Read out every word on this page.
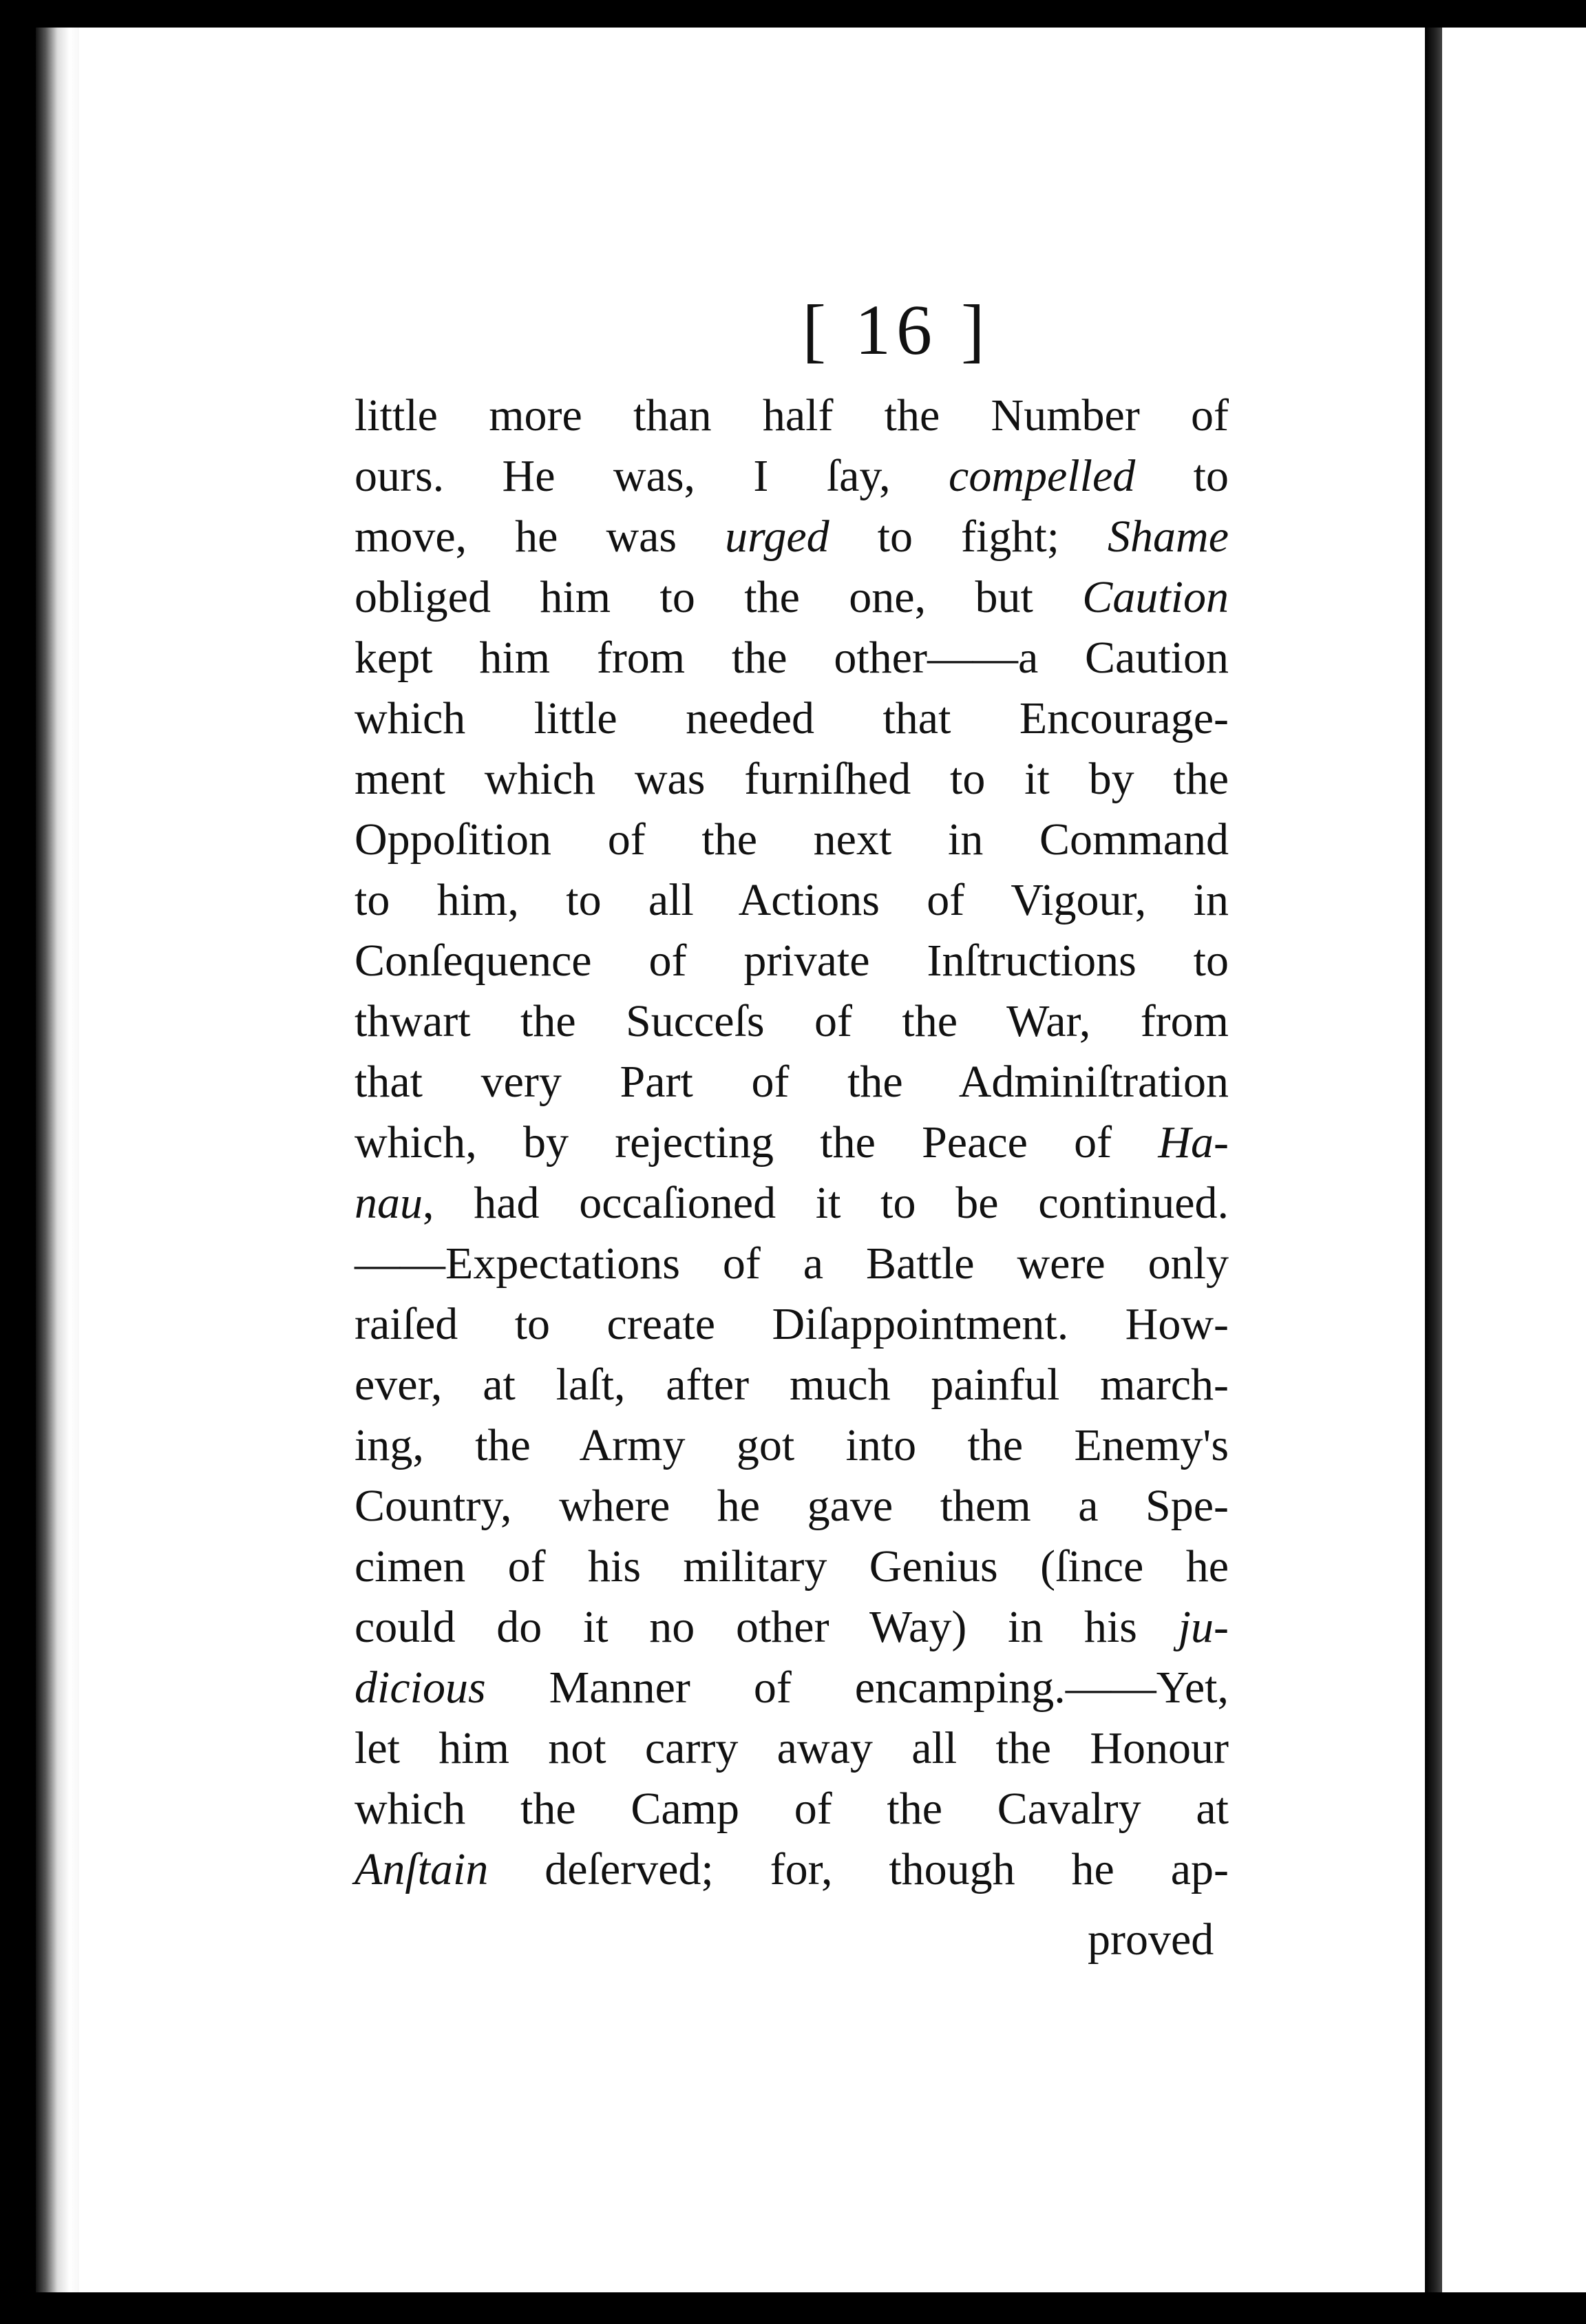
[ 16 ]
little more than half the Number of
ours. He was, I ſay, compelled to
move, he was urged to fight; Shame
obliged him to the one, but Caution
kept him from the other——a Caution
which little needed that Encourage-
ment which was furniſhed to it by the
Oppoſition of the next in Command
to him, to all Actions of Vigour, in
Conſequence of private Inſtructions to
thwart the Succeſs of the War, from
that very Part of the Adminiſtration
which, by rejecting the Peace of Ha-
nau, had occaſioned it to be continued.
——Expectations of a Battle were only
raiſed to create Diſappointment. How-
ever, at laſt, after much painful march-
ing, the Army got into the Enemy's
Country, where he gave them a Spe-
cimen of his military Genius (ſince he
could do it no other Way) in his ju-
dicious Manner of encamping.——Yet,
let him not carry away all the Honour
which the Camp of the Cavalry at
Anſtain deſerved; for, though he ap-
proved
